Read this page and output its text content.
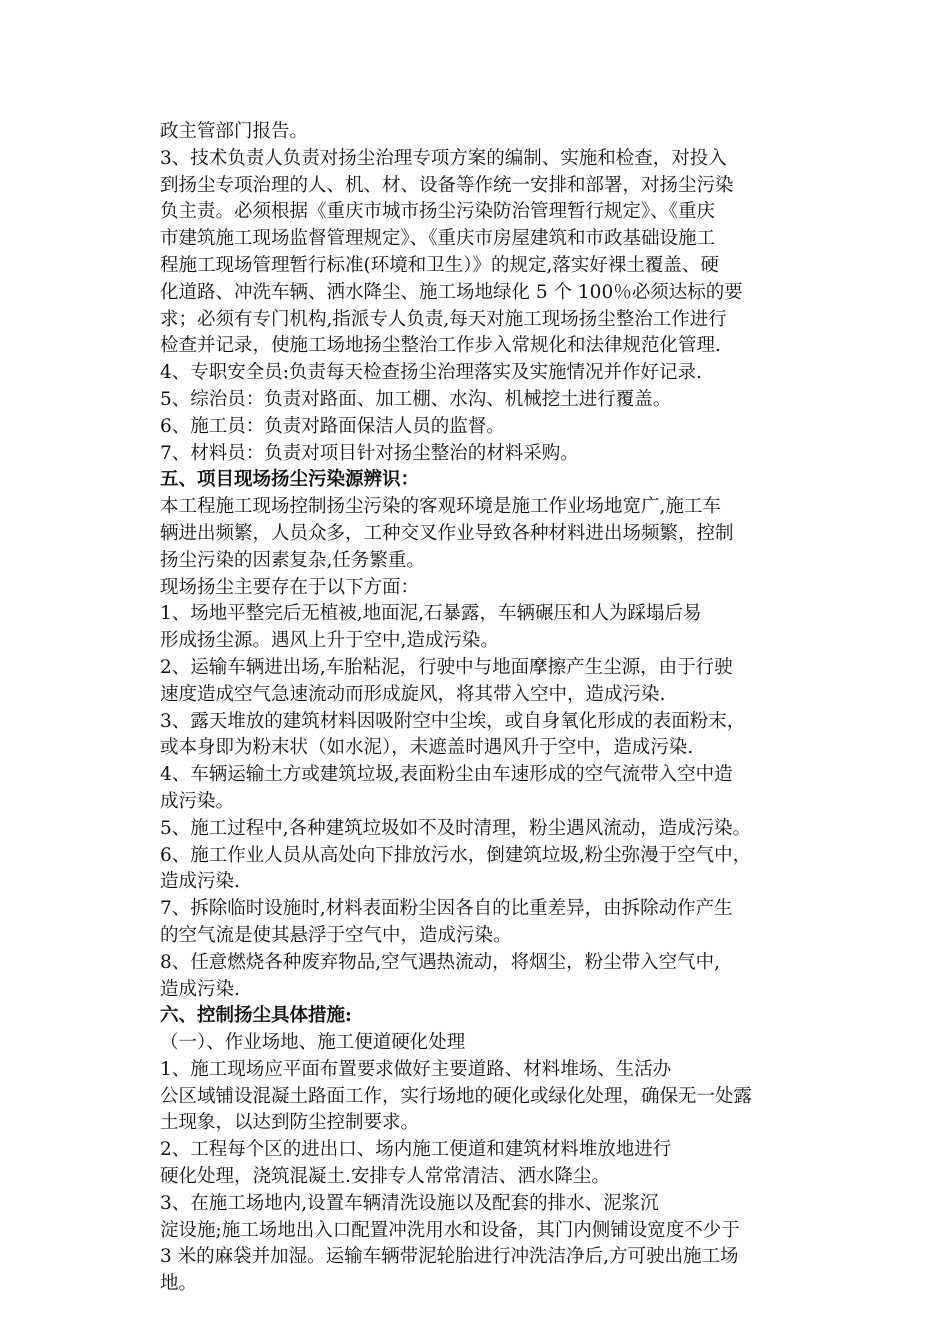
政主管部门报告。
3、技术负责人负责对扬尘治理专项方案的编制、实施和检查，对投入
到扬尘专项治理的人、机、材、设备等作统一安排和部署，对扬尘污染
负主责。必须根据《重庆市城市扬尘污染防治管理暂行规定》、《重庆
市建筑施工现场监督管理规定》、《重庆市房屋建筑和市政基础设施工
程施工现场管理暂行标准(环境和卫生）》的规定,落实好裸土覆盖、硬
化道路、冲洗车辆、洒水降尘、施工场地绿化 5 个 100％必须达标的要
求；必须有专门机构,指派专人负责,每天对施工现场扬尘整治工作进行
检查并记录，使施工场地扬尘整治工作步入常规化和法律规范化管理.
4、专职安全员:负责每天检查扬尘治理落实及实施情况并作好记录.
5、综治员：负责对路面、加工棚、水沟、机械挖土进行覆盖。
6、施工员：负责对路面保洁人员的监督。
7、材料员：负责对项目针对扬尘整治的材料采购。
五、项目现场扬尘污染源辨识：
本工程施工现场控制扬尘污染的客观环境是施工作业场地宽广,施工车
辆进出频繁，人员众多，工种交叉作业导致各种材料进出场频繁，控制
扬尘污染的因素复杂,任务繁重。
现场扬尘主要存在于以下方面：
1、场地平整完后无植被,地面泥,石暴露，车辆碾压和人为踩塌后易
形成扬尘源。遇风上升于空中,造成污染。
2、运输车辆进出场,车胎粘泥，行驶中与地面摩擦产生尘源，由于行驶
速度造成空气急速流动而形成旋风，将其带入空中，造成污染.
3、露天堆放的建筑材料因吸附空中尘埃，或自身氧化形成的表面粉末，
或本身即为粉末状（如水泥），未遮盖时遇风升于空中，造成污染.
4、车辆运输土方或建筑垃圾,表面粉尘由车速形成的空气流带入空中造
成污染。
5、施工过程中,各种建筑垃圾如不及时清理，粉尘遇风流动，造成污染。
6、施工作业人员从高处向下排放污水，倒建筑垃圾,粉尘弥漫于空气中，
造成污染.
7、拆除临时设施时,材料表面粉尘因各自的比重差异，由拆除动作产生
的空气流是使其悬浮于空气中，造成污染。
8、任意燃烧各种废弃物品,空气遇热流动，将烟尘，粉尘带入空气中,
造成污染.
六、控制扬尘具体措施:
（一）、作业场地、施工便道硬化处理
1、施工现场应平面布置要求做好主要道路、材料堆场、生活办
公区域铺设混凝土路面工作，实行场地的硬化或绿化处理，确保无一处露
土现象，以达到防尘控制要求。
2、工程每个区的进出口、场内施工便道和建筑材料堆放地进行
硬化处理，浇筑混凝土.安排专人常常清洁、洒水降尘。
3、在施工场地内,设置车辆清洗设施以及配套的排水、泥浆沉
淀设施;施工场地出入口配置冲洗用水和设备，其门内侧铺设宽度不少于
3 米的麻袋并加湿。运输车辆带泥轮胎进行冲洗洁净后,方可驶出施工场
地。
